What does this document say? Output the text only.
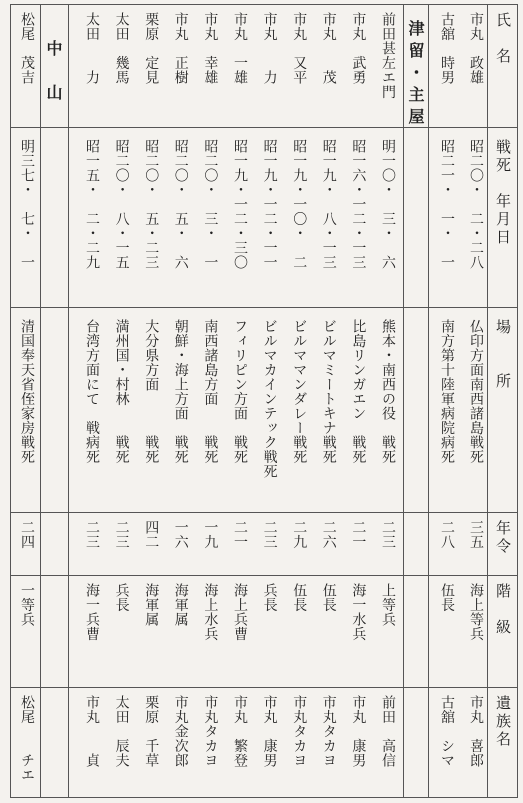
氏　名
戦死　年月日
場　　所
年令
階　級
遺族名
津留・主屋
中　山	市丸　政雄
昭二〇・　二・二八
仏印方面南西諸島戦死
三五
海上等兵
市丸　喜郎
古舘　時男
昭二一・　一・　一
南方第十陸軍病院病死
二八
伍長
古舘　シマ
前田甚左エ門
明一〇・　三・　六
熊本・南西の役　戦死
二三
上等兵
前田　高信
市丸　武勇
昭一六・一二・一三
比島リンガエン　戦死
二一
海一水兵
市丸　康男
市丸　　茂
昭一九・　八・一三
ビルマミートキナ戦死
二六
伍長
市丸タカヨ
市丸　又平
昭一九・一〇・　二
ビルママンダレー戦死
二九
伍長
市丸タカヨ
市丸　　力
昭一九・一二・一一
ビルマカインテック戦死
二三
兵長
市丸　康男
市丸　一雄
昭一九・一二・三〇
フィリピン方面　戦死
二一
海上兵曹
市丸　繁登
市丸　幸雄
昭二〇・　三・　一
南西諸島方面　　戦死
一九
海上水兵
市丸タカヨ
市丸　正樹
昭二〇・　五・　六
朝鮮・海上方面　戦死
一六
海軍属
市丸金次郎
栗原　定見
昭二〇・　五・二三
大分県方面　　　戦死
四二
海軍属
栗原　千草
太田　幾馬
昭二〇・　八・一五
満州国・村林　　戦死
二三
兵長
太田　辰夫
太田　　力
昭一五・　二・二九
台湾方面にて　戦病死
二三
海一兵曹
市丸　　貞
松尾　茂吉
明三七・　七・　一
清国奉天省侄家房戦死
二四
一等兵
松尾　　チエ
